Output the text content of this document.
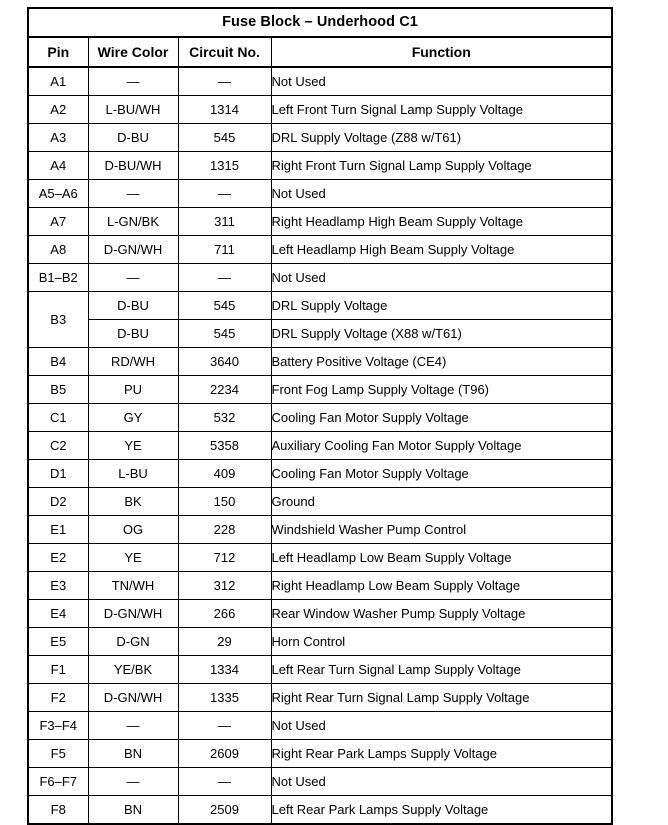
Fuse Block – Underhood C1			
Pin	Wire Color	Circuit No.	Function
A1	—	—	Not Used
A2	L-BU/WH	1314	Left Front Turn Signal Lamp Supply Voltage
A3	D-BU	545	DRL Supply Voltage (Z88 w/T61)
A4	D-BU/WH	1315	Right Front Turn Signal Lamp Supply Voltage
A5–A6	—	—	Not Used
A7	L-GN/BK	311	Right Headlamp High Beam Supply Voltage
A8	D-GN/WH	711	Left Headlamp High Beam Supply Voltage
B1–B2	—	—	Not Used
B3	D-BU	545	DRL Supply Voltage
	D-BU	545	DRL Supply Voltage (X88 w/T61)
B4	RD/WH	3640	Battery Positive Voltage (CE4)
B5	PU	2234	Front Fog Lamp Supply Voltage (T96)
C1	GY	532	Cooling Fan Motor Supply Voltage
C2	YE	5358	Auxiliary Cooling Fan Motor Supply Voltage
D1	L-BU	409	Cooling Fan Motor Supply Voltage
D2	BK	150	Ground
E1	OG	228	Windshield Washer Pump Control
E2	YE	712	Left Headlamp Low Beam Supply Voltage
E3	TN/WH	312	Right Headlamp Low Beam Supply Voltage
E4	D-GN/WH	266	Rear Window Washer Pump Supply Voltage
E5	D-GN	29	Horn Control
F1	YE/BK	1334	Left Rear Turn Signal Lamp Supply Voltage
F2	D-GN/WH	1335	Right Rear Turn Signal Lamp Supply Voltage
F3–F4	—	—	Not Used
F5	BN	2609	Right Rear Park Lamps Supply Voltage
F6–F7	—	—	Not Used
F8	BN	2509	Left Rear Park Lamps Supply Voltage
